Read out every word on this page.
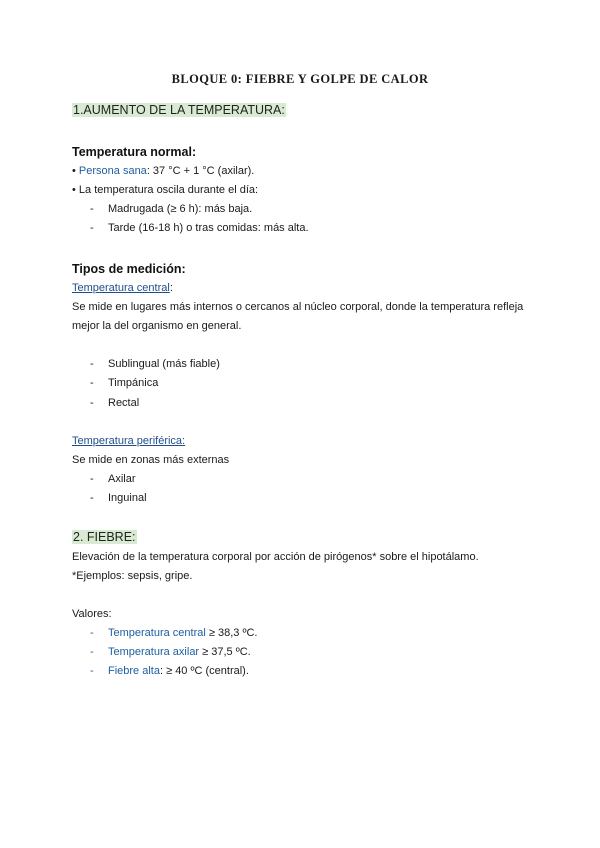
BLOQUE 0: FIEBRE Y GOLPE DE CALOR
1.AUMENTO DE LA TEMPERATURA:
Temperatura normal:
• Persona sana: 37 °C + 1 °C (axilar).
• La temperatura oscila durante el día:
- Madrugada (≥ 6 h): más baja.
- Tarde (16-18 h) o tras comidas: más alta.
Tipos de medición:
Temperatura central:
Se mide en lugares más internos o cercanos al núcleo corporal, donde la temperatura refleja
mejor la del organismo en general.
- Sublingual (más fiable)
- Timpánica
- Rectal
Temperatura periférica:
Se mide en zonas más externas
- Axilar
- Inguinal
2. FIEBRE:
Elevación de la temperatura corporal por acción de pirógenos* sobre el hipotálamo.
*Ejemplos: sepsis, gripe.
Valores:
- Temperatura central ≥ 38,3 ºC.
- Temperatura axilar ≥ 37,5 ºC.
- Fiebre alta: ≥ 40 ºC (central).
